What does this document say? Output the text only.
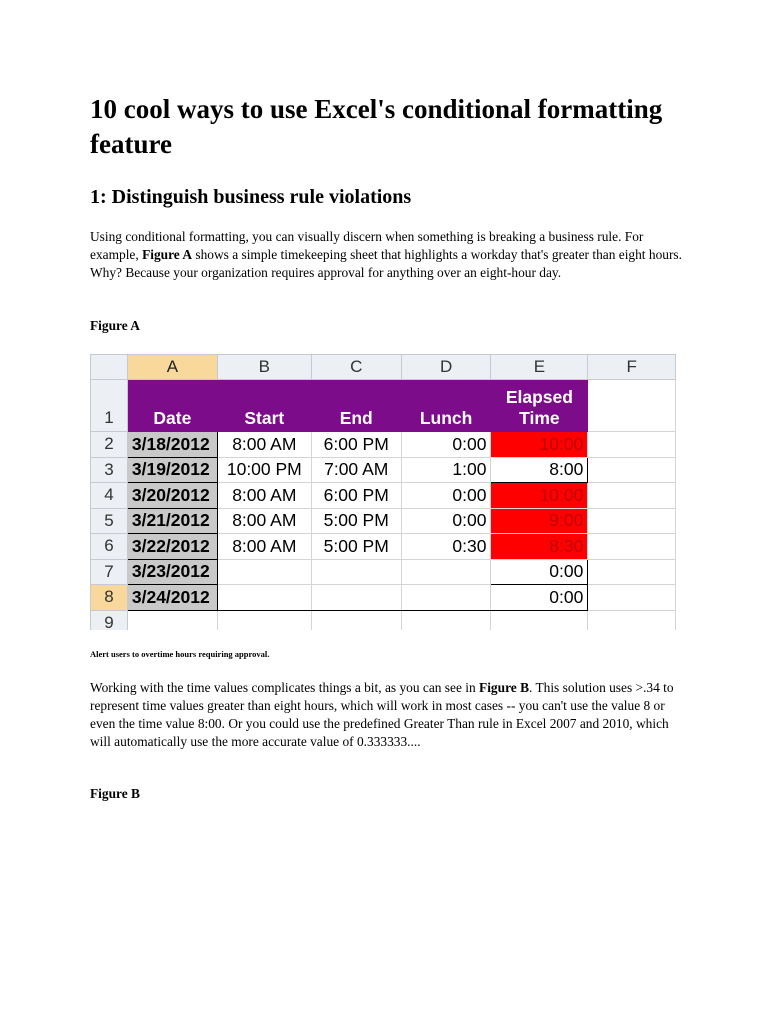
10 cool ways to use Excel's conditional formatting feature
1: Distinguish business rule violations

Using conditional formatting, you can visually discern when something is breaking a business rule. For example, Figure A shows a simple timekeeping sheet that highlights a workday that's greater than eight hours. Why? Because your organization requires approval for anything over an eight-hour day.

Figure A

Alert users to overtime hours requiring approval.

Working with the time values complicates things a bit, as you can see in Figure B. This solution uses >.34 to represent time values greater than eight hours, which will work in most cases -- you can't use the value 8 or even the time value 8:00. Or you could use the predefined Greater Than rule in Excel 2007 and 2010, which will automatically use the more accurate value of 0.333333....

Figure B

	A	B	C	D	E	F
1	Date	Start	End	Lunch	Elapsed
Time	
2	3/18/2012	8:00 AM	6:00 PM	0:00	10:00	
3	3/19/2012	10:00 PM	7:00 AM	1:00	8:00	
4	3/20/2012	8:00 AM	6:00 PM	0:00	10:00	
5	3/21/2012	8:00 AM	5:00 PM	0:00	9:00	
6	3/22/2012	8:00 AM	5:00 PM	0:30	8:30	
7	3/23/2012				0:00	
8	3/24/2012				0:00	
9						
